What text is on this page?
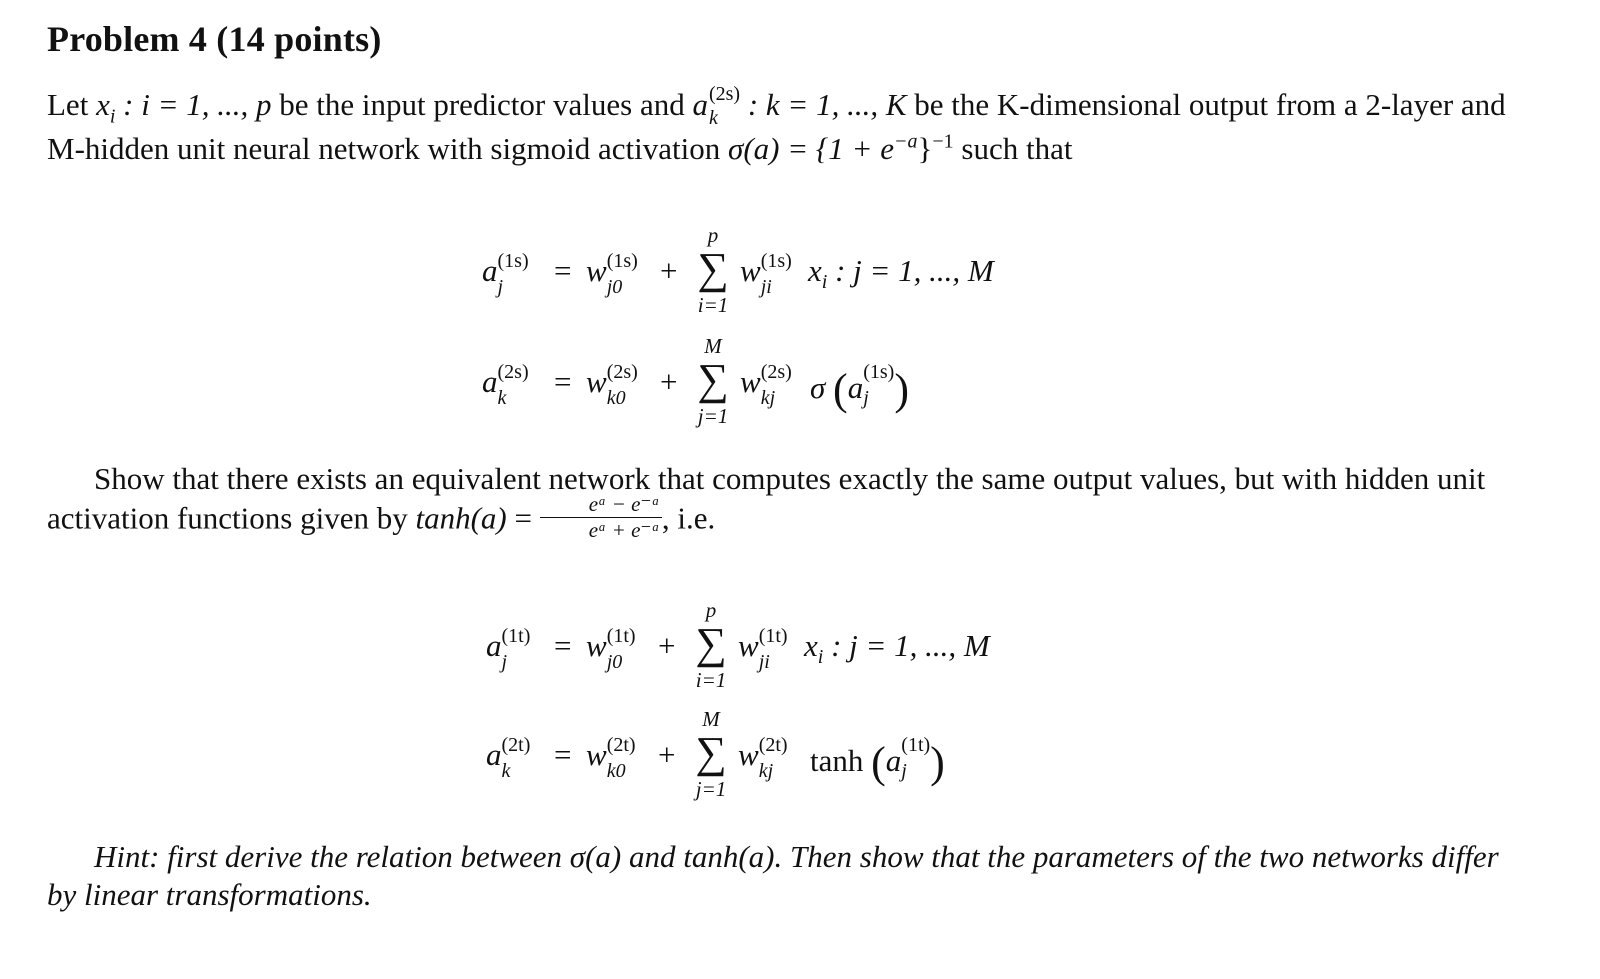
Problem 4 (14 points)
Let $x_i$ : i = 1, ..., p be the input predictor values and a (2s)
k : k = 1, ..., K be the K-dimensional output from a 2-layer and M-hidden unit neural network with sigmoid activation $\sigma(a) = \{1 + e^{-a}\}^{-1}$ such that
a (1s)
j	= w (1s)
j0	+
p
∑
i=1
w (1s)
ji	$x_i$ : j = 1, ..., M
a (2s)
k	= w (2s)
k0	+
M
∑
j=1
w (2s)
kj	σ (a (1s)
j )
Show that there exists an equivalent network that computes exactly the same output values, but with hidden unit activation functions given by $\tanh(a) = \frac{\text{eᵃ − e⁻ᵃ}}{\text{eᵃ + e⁻ᵃ}}$ , i.e.
a (1t)
j	= w (1t)
j0	+
p
∑
i=1
w (1t)
ji	$x_i$ : j = 1, ..., M
a (2t)
k	= w (2t)
k0	+
M
∑
j=1
w (2t)
kj	tanh (a (1t)
j )
Hint: first derive the relation between σ(a) and tanh(a). Then show that the parameters of the two networks differ by linear transformations.
